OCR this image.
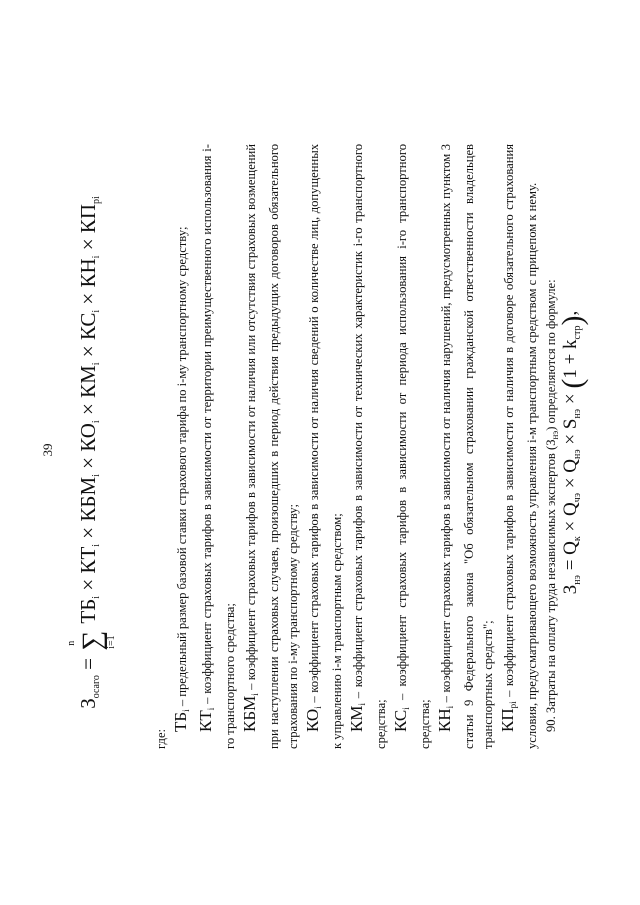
39
$З_{осаго}$ = ∑
n	i=1
$ТБ_i \times КТ_i \times КБМ_i \times КО_i \times КМ_i \times КС_i \times КН_i \times КП_{pi}$

где:

$ТБ_i$ – предельный размер базовой ставки страхового тарифа по i-му транспортному средству;

$КТ_i$ – коэффициент страховых тарифов в зависимости от территории преимущественного использования i-го транспортного средства; $КБМ_i$ – коэффициент страховых тарифов в зависимости от наличия или отсутствия страховых возмещений при наступлении страховых случаев, произошедших в период действия предыдущих договоров обязательного страхования по i-му транспортному средству; $КО_i$ – коэффициент страховых тарифов в зависимости от наличия сведений о количестве лиц, допущенных к управлению i-м транспортным средством; $КМ_i$ – коэффициент страховых тарифов в зависимости от технических характеристик i-го транспортного средства; $КС_i$ – коэффициент страховых тарифов в зависимости от периода использования i-го транспортного средства; $КН_i$ – коэффициент страховых тарифов в зависимости от наличия нарушений, предусмотренных пунктом 3 статьи 9 Федерального закона "Об обязательном страховании гражданской ответственности владельцев транспортных средств"; $КП_{pi}$ – коэффициент страховых тарифов в зависимости от наличия в договоре обязательного страхования условия, предусматривающего возможность управления i-м транспортным средством с прицепом к нему. 90. Затраты на оплату труда независимых экспертов $(З_{нэ})$ определяются по формуле:

$З_{нэ} = Q_к \times Q_{чэ} \times Q_{нэ} \times S_{нэ} \times (1 + k_{стр})$,
